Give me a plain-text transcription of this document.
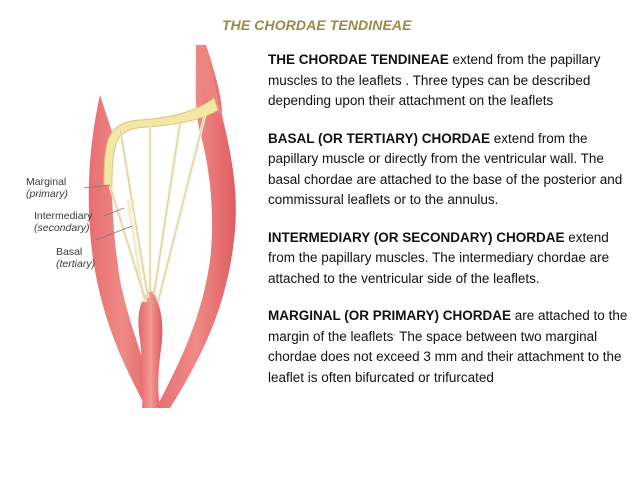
THE CHORDAE TENDINEAE
Marginal
(primary)
Intermediary
(secondary)
Basal
(tertiary)

THE CHORDAE TENDINEAE extend from the papillary muscles to the leaflets . Three types can be described depending upon their attachment on the leaflets

BASAL (OR TERTIARY) CHORDAE extend from the papillary muscle or directly from the ventricular wall. The basal chordae are attached to the base of the posterior and commissural leaflets or to the annulus.

INTERMEDIARY (OR SECONDARY) CHORDAE extend from the papillary muscles. The intermediary chordae are attached to the ventricular side of the leaflets.

MARGINAL (OR PRIMARY) CHORDAE are attached to the margin of the leaflets. The space between two marginal chordae does not exceed 3 mm and their attachment to the leaflet is often bifurcated or trifurcated
